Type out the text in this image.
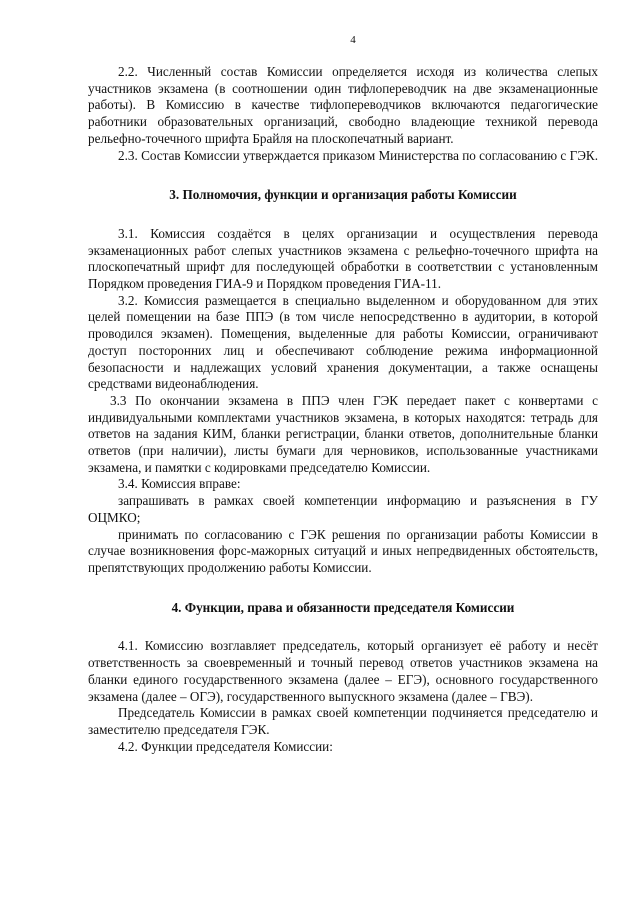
4

2.2. Численный состав Комиссии определяется исходя из количества слепых участников экзамена (в соотношении один тифлопереводчик на две экзаменационные работы). В Комиссию в качестве тифлопереводчиков включаются педагогические работники образовательных организаций, свободно владеющие техникой перевода рельефно-точечного шрифта Брайля на плоскопечатный вариант.

2.3. Состав Комиссии утверждается приказом Министерства по согласованию с ГЭК.

3. Полномочия, функции и организация работы Комиссии

3.1. Комиссия создаётся в целях организации и осуществления перевода экзаменационных работ слепых участников экзамена с рельефно-точечного шрифта на плоскопечатный шрифт для последующей обработки в соответствии с установленным Порядком проведения ГИА-9 и Порядком проведения ГИА-11.

3.2. Комиссия размещается в специально выделенном и оборудованном для этих целей помещении на базе ППЭ (в том числе непосредственно в аудитории, в которой проводился экзамен). Помещения, выделенные для работы Комиссии, ограничивают доступ посторонних лиц и обеспечивают соблюдение режима информационной безопасности и надлежащих условий хранения документации, а также оснащены средствами видеонаблюдения.

3.3 По окончании экзамена в ППЭ член ГЭК передает пакет с конвертами с индивидуальными комплектами участников экзамена, в которых находятся: тетрадь для ответов на задания КИМ, бланки регистрации, бланки ответов, дополнительные бланки ответов (при наличии), листы бумаги для черновиков, использованные участниками экзамена, и памятки с кодировками председателю Комиссии.

3.4. Комиссия вправе:

запрашивать в рамках своей компетенции информацию и разъяснения в ГУ ОЦМКО;

принимать по согласованию с ГЭК решения по организации работы Комиссии в случае возникновения форс-мажорных ситуаций и иных непредвиденных обстоятельств, препятствующих продолжению работы Комиссии.

4. Функции, права и обязанности председателя Комиссии

4.1. Комиссию возглавляет председатель, который организует её работу и несёт ответственность за своевременный и точный перевод ответов участников экзамена на бланки единого государственного экзамена (далее – ЕГЭ), основного государственного экзамена (далее – ОГЭ), государственного выпускного экзамена (далее – ГВЭ).

Председатель Комиссии в рамках своей компетенции подчиняется председателю и заместителю председателя ГЭК.

4.2. Функции председателя Комиссии:
